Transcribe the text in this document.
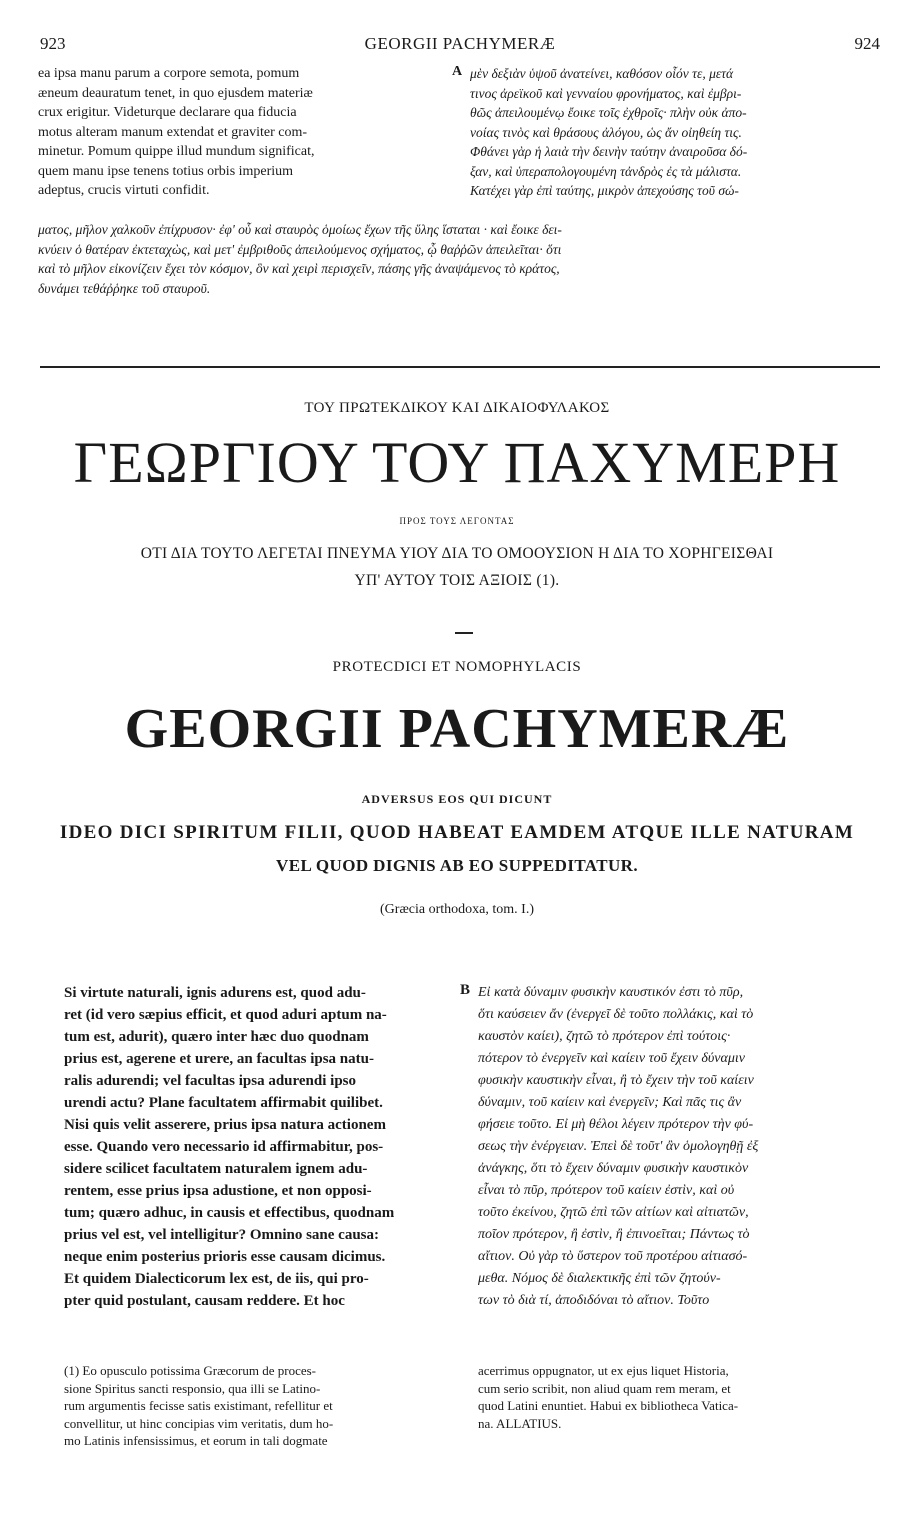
923	GEORGII PACHYMERÆ	924
ea ipsa manu parum a corpore semota, pomum
æneum deauratum tenet, in quo ejusdem materiæ
crux erigitur. Videturque declarare qua fiducia
motus alteram manum extendat et graviter com-
minetur. Pomum quippe illud mundum significat,
quem manu ipse tenens totius orbis imperium
adeptus, crucis virtuti confidit.
A μὲν δεξιὰν ὑψοῦ ἀνατείνει, καθόσον οἷόν τε, μετά
τινος ἀρεϊκοῦ καὶ γενναίου φρονήματος, καὶ ἐμβρι-
θῶς ἀπειλουμένῳ ἔοικε τοῖς ἐχθροῖς· πλὴν οὐκ ἀπο-
νοίας τινὸς καὶ θράσους ἀλόγου, ὡς ἄν οἰηθείη τις.
Φθάνει γὰρ ἡ λαιὰ τὴν δεινὴν ταύτην ἀναιροῦσα δό-
ξαν, καὶ ὑπεραπολογουμένη τἀνδρὸς ἐς τὰ μάλιστα.
Κατέχει γὰρ ἐπὶ ταύτης, μικρὸν ἀπεχούσης τοῦ σώ-
ματος, μῆλον χαλκοῦν ἐπίχρυσον· ἐφ' οὗ καὶ σταυρὸς ὁμοίως ἔχων τῆς ὕλης ἵσταται · καὶ ἔοικε δει-
κνύειν ὁ θατέραν ἐκτεταχὼς, καὶ μετ' ἐμβριθοῦς ἀπειλούμενος σχήματος, ᾧ θαῤῥῶν ἀπειλεῖται· ὅτι
καὶ τὸ μῆλον εἰκονίζειν ἔχει τὸν κόσμον, ὃν καὶ χειρὶ περισχεῖν, πάσης γῆς ἀναψάμενος τὸ κράτος,
δυνάμει τεθάῤῥηκε τοῦ σταυροῦ.
ΤΟΥ ΠΡΩΤΕΚΔΙΚΟΥ ΚΑΙ ΔΙΚΑΙΟΦΥΛΑΚΟΣ
ΓΕΩΡΓΙΟΥ ΤΟΥ ΠΑΧΥΜΕΡΗ
ΠΡΟΣ ΤΟΥΣ ΛΕΓΟΝΤΑΣ
ΟΤΙ ΔΙΑ ΤΟΥΤΟ ΛΕΓΕΤΑΙ ΠΝΕΥΜΑ ΥΙΟΥ ΔΙΑ ΤΟ ΟΜΟΟΥΣΙΟΝ Η ΔΙΑ ΤΟ ΧΟΡΗΓΕΙΣΘΑΙ
ΥΠ' ΑΥΤΟΥ ΤΟΙΣ ΑΞΙΟΙΣ (1).
PROTECDICI ET NOMOPHYLACIS
GEORGII PACHYMERÆ
ADVERSUS EOS QUI DICUNT
IDEO DICI SPIRITUM FILII, QUOD HABEAT EAMDEM ATQUE ILLE NATURAM
VEL QUOD DIGNIS AB EO SUPPEDITATUR.
(Græcia orthodoxa, tom. I.)
Si virtute naturali, ignis adurens est, quod adu-
ret (id vero sæpius efficit, et quod aduri aptum na-
tum est, adurit), quæro inter hæc duo quodnam
prius est, agerene et urere, an facultas ipsa natu-
ralis adurendi; vel facultas ipsa adurendi ipso
urendi actu? Plane facultatem affirmabit quilibet.
Nisi quis velit asserere, prius ipsa natura actionem
esse. Quando vero necessario id affirmabitur, pos-
sidere scilicet facultatem naturalem ignem adu-
rentem, esse prius ipsa adustione, et non opposi-
tum; quæro adhuc, in causis et effectibus, quodnam
prius vel est, vel intelligitur? Omnino sane causa:
neque enim posterius prioris esse causam dicimus.
Et quidem Dialecticorum lex est, de iis, qui pro-
pter quid postulant, causam reddere. Et hoc
B Εἰ κατὰ δύναμιν φυσικὴν καυστικόν ἐστι τὸ πῦρ,
ὅτι καύσειεν ἄν (ἐνεργεῖ δὲ τοῦτο πολλάκις, καὶ τὸ
καυστὸν καίει), ζητῶ τὸ πρότερον ἐπὶ τούτοις·
πότερον τὸ ἐνεργεῖν καὶ καίειν τοῦ ἔχειν δύναμιν
φυσικὴν καυστικὴν εἶναι, ἢ τὸ ἔχειν τὴν τοῦ καίειν
δύναμιν, τοῦ καίειν καὶ ἐνεργεῖν; Καὶ πᾶς τις ἂν
φήσειε τοῦτο. Εἰ μὴ θέλοι λέγειν πρότερον τὴν φύ-
σεως τὴν ἐνέργειαν. Ἐπεὶ δὲ τοῦτ' ἂν ὁμολογηθῇ ἐξ
ἀνάγκης, ὅτι τὸ ἔχειν δύναμιν φυσικὴν καυστικὸν
εἶναι τὸ πῦρ, πρότερον τοῦ καίειν ἐστὶν, καὶ οὐ
τοῦτο ἐκείνου, ζητῶ ἐπὶ τῶν αἰτίων καὶ αἰτιατῶν,
ποῖον πρότερον, ἢ ἐστὶν, ἢ ἐπινοεῖται; Πάντως τὸ
αἴτιον. Οὐ γὰρ τὸ ὕστερον τοῦ προτέρου αἰτιασό-
μεθα. Νόμος δὲ διαλεκτικῆς ἐπὶ τῶν ζητούν-
των τὸ διὰ τί, ἀποδιδόναι τὸ αἴτιον. Τοῦτο
(1) Eo opusculo potissima Græcorum de proces-
sione Spiritus sancti responsio, qua illi se Latino-
rum argumentis fecisse satis existimant, refellitur et
convellitur, ut hinc concipias vim veritatis, dum ho-
mo Latinis infensissimus, et eorum in tali dogmate
acerrimus oppugnator, ut ex ejus liquet Historia,
cum serio scribit, non aliud quam rem meram, et
quod Latini enuntiet. Habui ex bibliotheca Vatica-
na. ALLATIUS.
